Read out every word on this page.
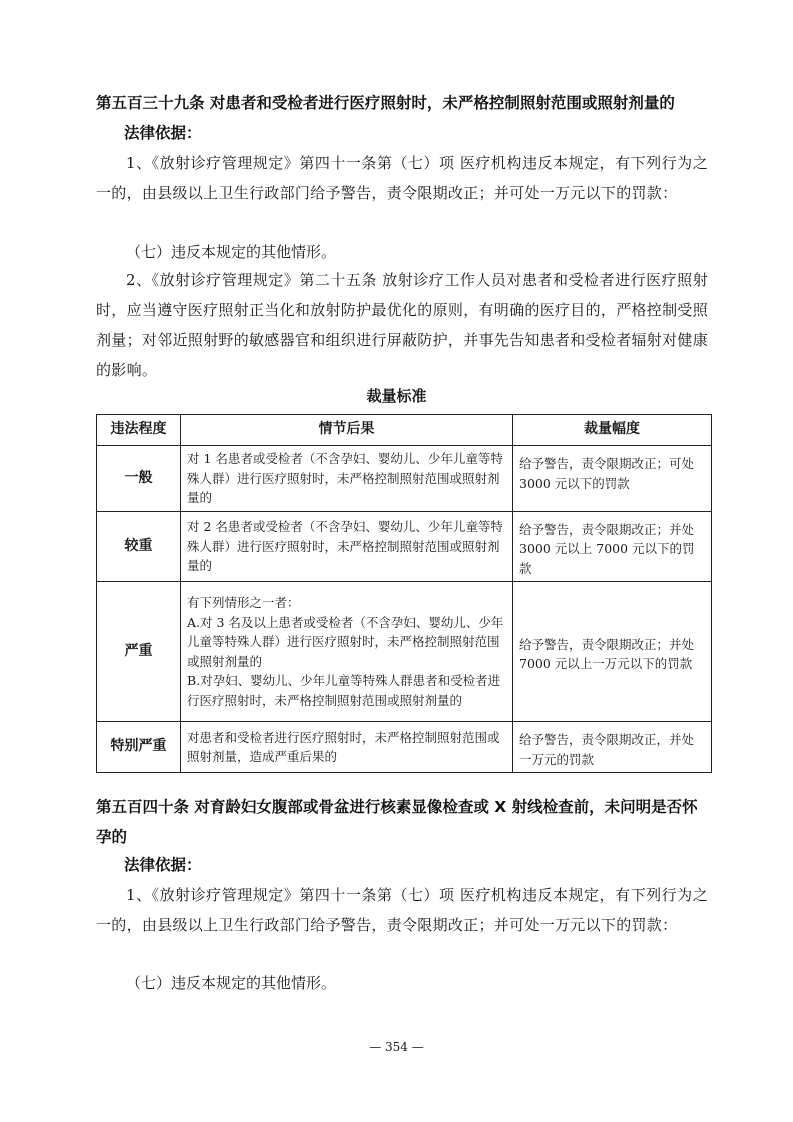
第五百三十九条 对患者和受检者进行医疗照射时，未严格控制照射范围或照射剂量的
法律依据：
1、《放射诊疗管理规定》第四十一条第（七）项 医疗机构违反本规定，有下列行为之一的，由县级以上卫生行政部门给予警告，责令限期改正；并可处一万元以下的罚款：
（七）违反本规定的其他情形。
2、《放射诊疗管理规定》第二十五条 放射诊疗工作人员对患者和受检者进行医疗照射时，应当遵守医疗照射正当化和放射防护最优化的原则，有明确的医疗目的，严格控制受照剂量；对邻近照射野的敏感器官和组织进行屏蔽防护，并事先告知患者和受检者辐射对健康的影响。
裁量标准
违法程度	情节后果	裁量幅度
一般	对 1 名患者或受检者（不含孕妇、婴幼儿、少年儿童等特殊人群）进行医疗照射时，未严格控制照射范围或照射剂量的	给予警告，责令限期改正；可处 3000 元以下的罚款
较重	对 2 名患者或受检者（不含孕妇、婴幼儿、少年儿童等特殊人群）进行医疗照射时，未严格控制照射范围或照射剂量的	给予警告，责令限期改正；并处 3000 元以上 7000 元以下的罚款
严重	有下列情形之一者：
A.对 3 名及以上患者或受检者（不含孕妇、婴幼儿、少年儿童等特殊人群）进行医疗照射时，未严格控制照射范围或照射剂量的
B.对孕妇、婴幼儿、少年儿童等特殊人群患者和受检者进行医疗照射时，未严格控制照射范围或照射剂量的	给予警告，责令限期改正；并处 7000 元以上一万元以下的罚款
特别严重	对患者和受检者进行医疗照射时，未严格控制照射范围或照射剂量，造成严重后果的	给予警告，责令限期改正，并处一万元的罚款
第五百四十条 对育龄妇女腹部或骨盆进行核素显像检查或 X 射线检查前，未问明是否怀孕的
法律依据：
1、《放射诊疗管理规定》第四十一条第（七）项 医疗机构违反本规定，有下列行为之一的，由县级以上卫生行政部门给予警告，责令限期改正；并可处一万元以下的罚款：
（七）违反本规定的其他情形。
— 354 —
